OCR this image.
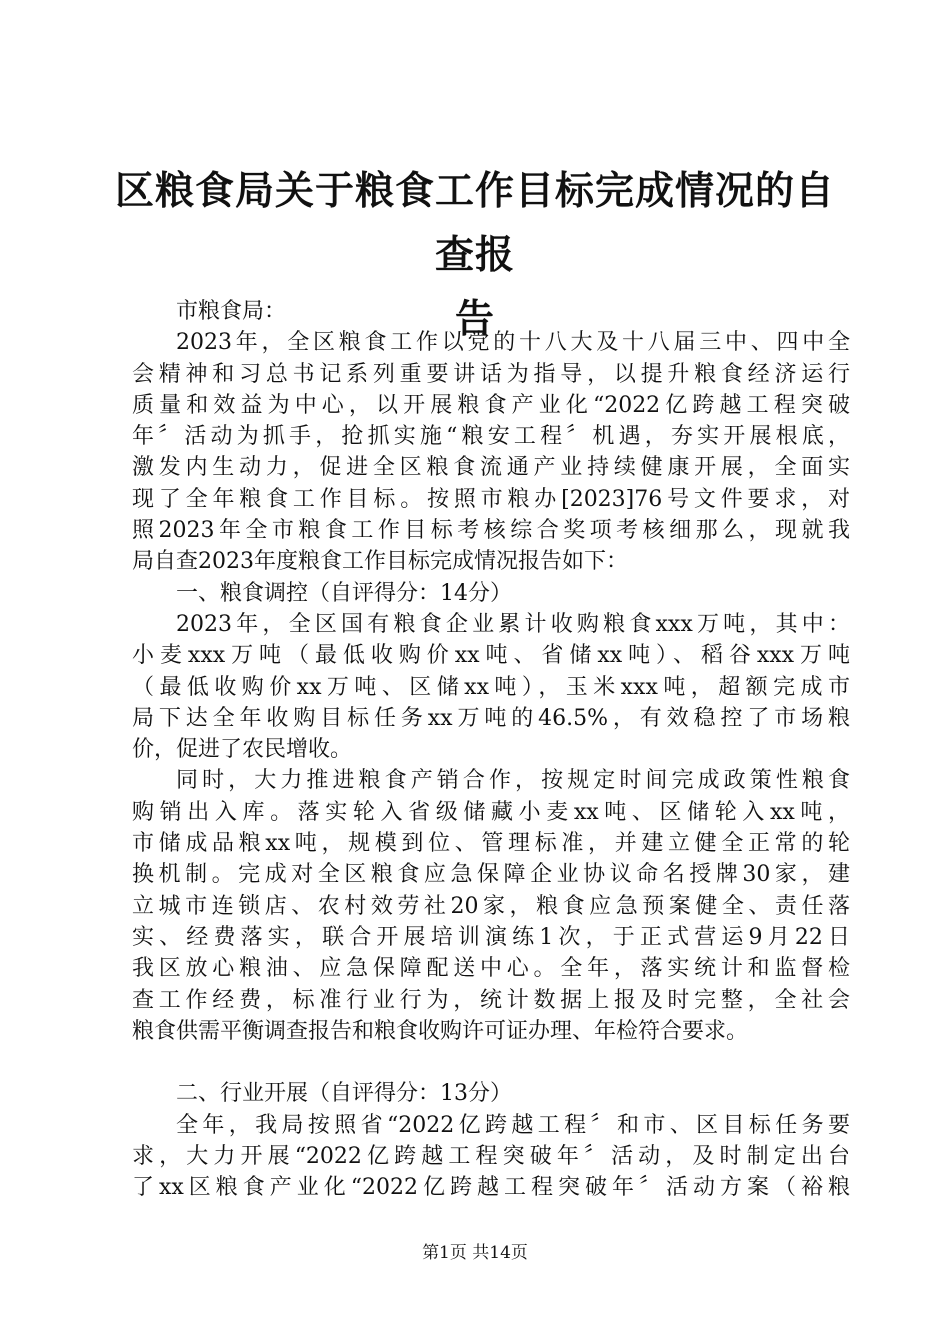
区粮食局关于粮食工作目标完成情况的自查报
告
市粮食局：
2023年，全区粮食工作以党的十八大及十八届三中、四中全
会精神和习总书记系列重要讲话为指导，以提升粮食经济运行
质量和效益为中心，以开展粮食产业化“2022亿跨越工程突破
年〞活动为抓手，抢抓实施“粮安工程〞机遇，夯实开展根底，
激发内生动力，促进全区粮食流通产业持续健康开展，全面实
现了全年粮食工作目标。按照市粮办[2023]76号文件要求，对
照2023年全市粮食工作目标考核综合奖项考核细那么，现就我
局自查2023年度粮食工作目标完成情况报告如下：
一、粮食调控（自评得分：14分）
2023年，全区国有粮食企业累计收购粮食xxx万吨，其中：
小麦xxx万吨（最低收购价xx吨、省储xx吨）、稻谷xxx万吨
（最低收购价xx万吨、区储xx吨），玉米xxx吨，超额完成市
局下达全年收购目标任务xx万吨的46.5%，有效稳控了市场粮
价，促进了农民增收。
同时，大力推进粮食产销合作，按规定时间完成政策性粮食
购销出入库。落实轮入省级储藏小麦xx吨、区储轮入xx吨，
市储成品粮xx吨，规模到位、管理标准，并建立健全正常的轮
换机制。完成对全区粮食应急保障企业协议命名授牌30家，建
立城市连锁店、农村效劳社20家，粮食应急预案健全、责任落
实、经费落实，联合开展培训演练1次，于正式营运9月22日
我区放心粮油、应急保障配送中心。全年，落实统计和监督检
查工作经费，标准行业行为，统计数据上报及时完整，全社会
粮食供需平衡调查报告和粮食收购许可证办理、年检符合要求。
二、行业开展（自评得分：13分）
全年，我局按照省“2022亿跨越工程〞和市、区目标任务要
求，大力开展“2022亿跨越工程突破年〞活动，及时制定出台
了xx区粮食产业化“2022亿跨越工程突破年〞活动方案（裕粮
第1页 共14页
